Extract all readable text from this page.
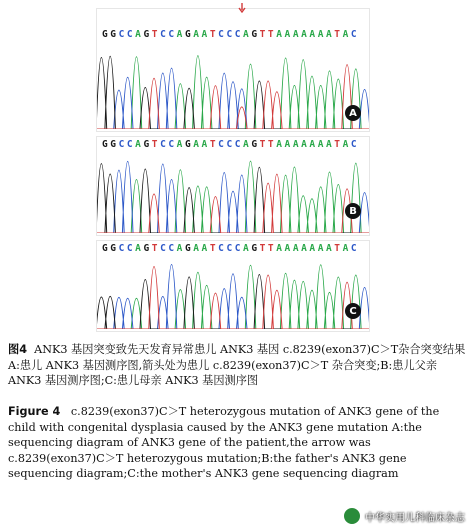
G G C C A G T C C A G A A T C C C A G T T A A A A A A A T A C
A
G G C C A G T C C A G A A T C C C A G T T A A A A A A A T A C
B
G G C C A G T C C A G A A T C C C A G T T A A A A A A A T A C
C
图4 ANK3 基因突变致先天发育异常患儿 ANK3 基因 c.8239(exon37)C＞T杂合突变结果 A:患儿 ANK3 基因测序图,箭头处为患儿 c.8239(exon37)C＞T 杂合突变;B:患儿父亲 ANK3 基因测序图;C:患儿母亲 ANK3 基因测序图
Figure 4 c.8239(exon37)C＞T heterozygous mutation of ANK3 gene of the child with congenital dysplasia caused by the ANK3 gene mutation A:the sequencing diagram of ANK3 gene of the patient,the arrow was c.8239(exon37)C＞T heterozygous mutation;B:the father's ANK3 gene sequencing diagram;C:the mother's ANK3 gene sequencing diagram
中华实用儿科临床杂志
